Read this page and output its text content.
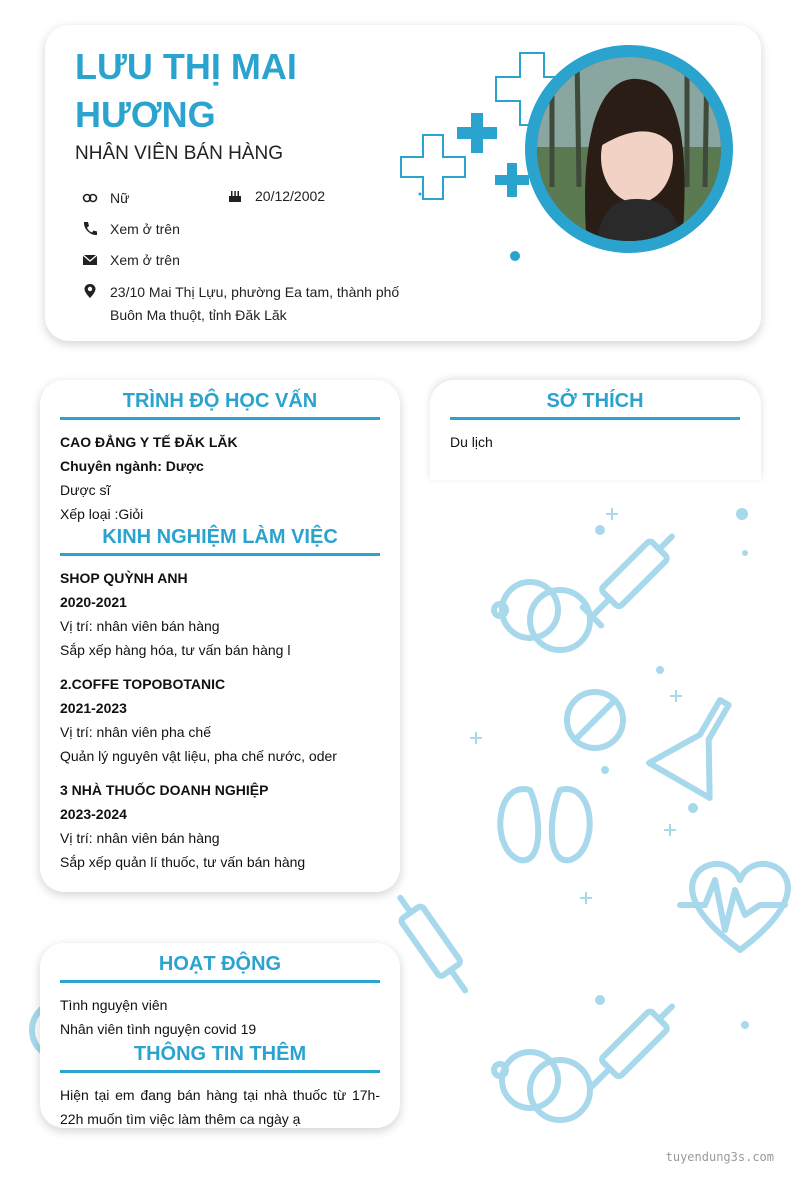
LƯU THỊ MAI HƯƠNG
NHÂN VIÊN BÁN HÀNG
Nữ	20/12/2002
Xem ở trên
Xem ở trên
23/10 Mai Thị Lựu, phường Ea tam, thành phố Buôn Ma thuột, tỉnh Đăk Lăk
TRÌNH ĐỘ HỌC VẤN
CAO ĐẲNG Y TẾ ĐĂK LĂK
Chuyên ngành: Dược
Dược sĩ
Xếp loại :Giỏi
KINH NGHIỆM LÀM VIỆC
SHOP QUỲNH ANH
2020-2021
Vị trí: nhân viên bán hàng
Sắp xếp hàng hóa, tư vấn bán hàng l
2.COFFE TOPOBOTANIC
2021-2023
Vị trí: nhân viên pha chế
Quản lý nguyên vật liệu, pha chế nước, oder
3 NHÀ THUỐC DOANH NGHIỆP
2023-2024
Vị trí: nhân viên bán hàng
Sắp xếp quản lí thuốc, tư vấn bán hàng
SỞ THÍCH
Du lịch
HOẠT ĐỘNG
Tình nguyện viên
Nhân viên tình nguyện covid 19
THÔNG TIN THÊM
Hiện tại em đang bán hàng tại nhà thuốc từ 17h-22h muốn tìm việc làm thêm ca ngày ạ
tuyendung3s.com
